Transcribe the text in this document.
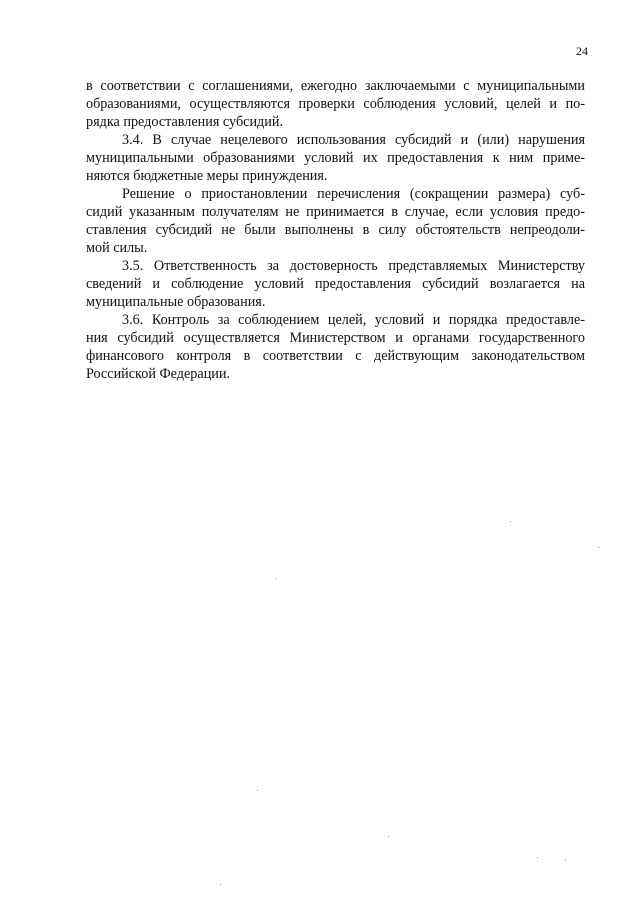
24
в соответствии с соглашениями, ежегодно заключаемыми с муниципальными
образованиями, осуществляются проверки соблюдения условий, целей и по-
рядка предоставления субсидий.
3.4. В случае нецелевого использования субсидий и (или) нарушения
муниципальными образованиями условий их предоставления к ним приме-
няются бюджетные меры принуждения.
Решение о приостановлении перечисления (сокращении размера) суб-
сидий указанным получателям не принимается в случае, если условия предо-
ставления субсидий не были выполнены в силу обстоятельств непреодоли-
мой силы.
3.5. Ответственность за достоверность представляемых Министерству
сведений и соблюдение условий предоставления субсидий возлагается на
муниципальные образования.
3.6. Контроль за соблюдением целей, условий и порядка предоставле-
ния субсидий осуществляется Министерством и органами государственного
финансового контроля в соответствии с действующим законодательством
Российской Федерации.
